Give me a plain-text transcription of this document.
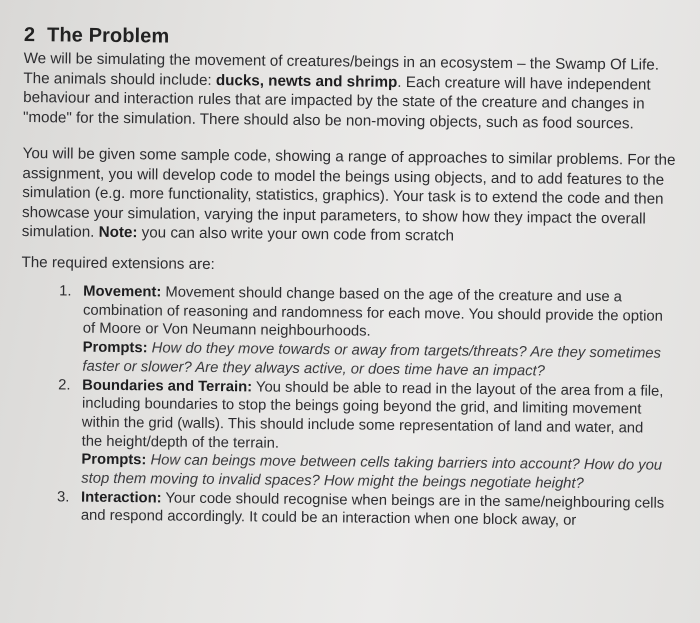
2 The Problem

We will be simulating the movement of creatures/beings in an ecosystem – the Swamp Of Life. The animals should include: ducks, newts and shrimp. Each creature will have independent behaviour and interaction rules that are impacted by the state of the creature and changes in "mode" for the simulation. There should also be non-moving objects, such as food sources.

You will be given some sample code, showing a range of approaches to similar problems. For the assignment, you will develop code to model the beings using objects, and to add features to the simulation (e.g. more functionality, statistics, graphics). Your task is to extend the code and then showcase your simulation, varying the input parameters, to show how they impact the overall simulation. Note: you can also write your own code from scratch

The required extensions are:

1. Movement: Movement should change based on the age of the creature and use a combination of reasoning and randomness for each move. You should provide the option of Moore or Von Neumann neighbourhoods.
Prompts: How do they move towards or away from targets/threats? Are they sometimes faster or slower? Are they always active, or does time have an impact?
2. Boundaries and Terrain: You should be able to read in the layout of the area from a file, including boundaries to stop the beings going beyond the grid, and limiting movement within the grid (walls). This should include some representation of land and water, and the height/depth of the terrain.
Prompts: How can beings move between cells taking barriers into account? How do you stop them moving to invalid spaces? How might the beings negotiate height?
3. Interaction: Your code should recognise when beings are in the same/neighbouring cells and respond accordingly. It could be an interaction when one block away, or
